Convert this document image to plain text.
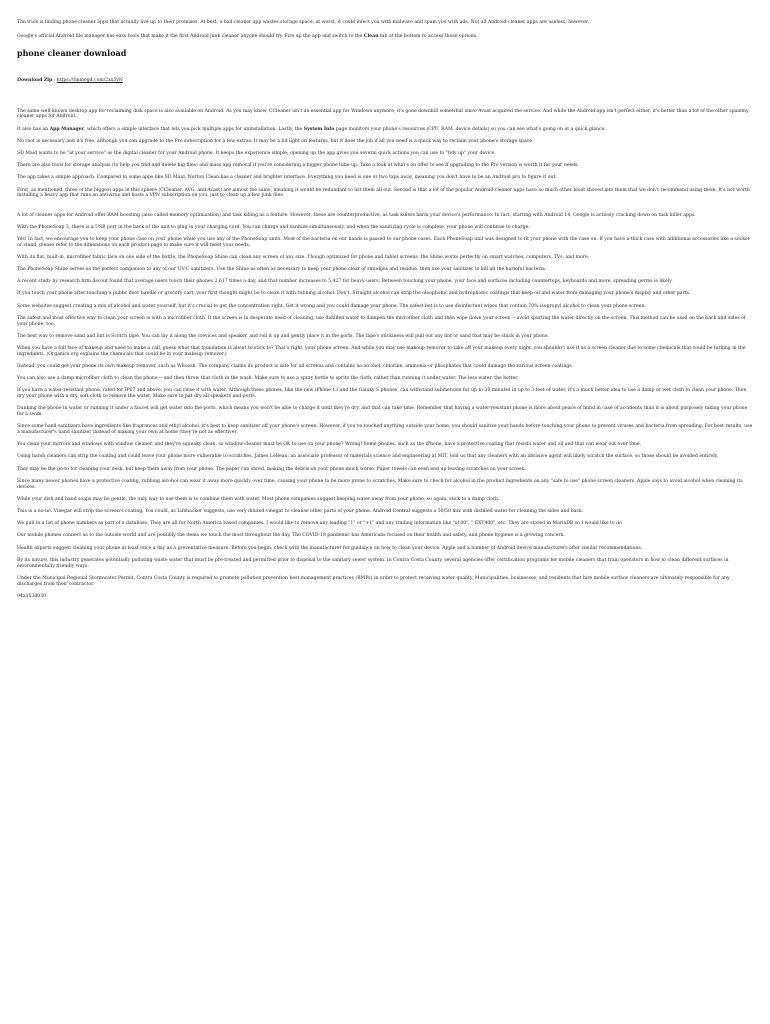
The trick is finding phone cleaner apps that actually live up to their promises. At best, a bad cleaner app wastes storage space; at worst, it could infect you with malware and spam you with ads. Not all Android cleaner apps are useless, however.

Google's official Android file manager has easy tools that make it the first Android junk cleaner anyone should try. Fire up the app and switch to the Clean tab at the bottom to access those options.

phone cleaner download
Download Zip : https://tinmegd.com/2xx5vN

The same well-known desktop app for reclaiming disk space is also available on Android. As you may know, CCleaner isn't an essential app for Windows anymore; it's gone downhill somewhat since Avast acquired the service. And while the Android app isn't perfect either, it's better than a lot of the other spammy cleaner apps for Android.

It also has an App Manager, which offers a simple interface that lets you pick multiple apps for uninstallation. Lastly, the System Info page monitors your phone's resources (CPU, RAM, device details) so you can see what's going on at a quick glance.

No root is necessary and it's free, although you can upgrade to the Pro subscription for a few extras. It may be a bit light on features, but it does the job if all you need is a quick way to reclaim your phone's storage space.

SD Maid wants to be "at your service" as the digital cleaner for your Android phone. It keeps the experience simple; opening up the app gives you several quick actions you can use to "tidy up" your device.

There are also tools for storage analysis (to help you find and delete big files) and mass app removal if you're considering a bigger phone tune-up. Take a look at what's on offer to see if upgrading to the Pro version is worth it for your needs.

The app takes a simple approach. Compared to some apps like SD Maid, Norton Clean has a cleaner and brighter interface. Everything you need is one or two taps away, meaning you don't have to be an Android pro to figure it out.

First, as mentioned, three of the biggest apps in this sphere (CCleaner, AVG, and Avast) are almost the same, meaning it would be redundant to list them all out. Second is that a lot of the popular Android cleaner apps have so much other bloat shoved into them that we don't recommend using them. It's not worth installing a heavy app that runs an antivirus and hosts a VPN subscription on you, just to clean up a few junk files.

A lot of cleaner apps for Android offer RAM boosting (also called memory optimization) and task killing as a feature. However, these are counterproductive, as task killers harm your device's performance. In fact, starting with Android 14, Google is actively cracking down on task killer apps.

With the PhoneSoap 3, there is a USB port in the back of the unit to plug in your charging cord. You can charge and sanitize simultaneously, and when the sanitizing cycle is complete, your phone will continue to charge.

Yes! In fact, we encourage you to keep your phone case on your phone while you use any of the PhoneSoap units. Most of the bacteria on our hands is passed to our phone cases. Each PhoneSoap unit was designed to fit your phone with the case on. If you have a thick case with additional accessories like a socket or stand, please refer to the dimensions on each product page to make sure it will meet your needs.

With its flat, built-in, microfiber fabric face on one side of the bottle, the PhoneSoap Shine can clean any screen of any size. Though optimized for phone and tablet screens, the Shine works perfectly on smart watches, computers, TVs, and more.

The PhoneSoap Shine serves as the perfect companion to any of our UV-C sanitizers. Use the Shine as often as necessary to keep your phone clear of smudges and residue, then use your sanitizer to kill all the harmful bacteria.

A recent study by research firm dscout found that average users touch their phones 2,617 times a day, and that number increases to 5,427 for heavy users. Between touching your phone, your face and surfaces including countertops, keyboards and more, spreading germs is likely.

If you touch your phone after touching a public door handle or grocery cart, your first thought might be to clean it with rubbing alcohol. Don't. Straight alcohol can strip the oleophobic and hydrophobic coatings that keep oil and water from damaging your phone's display and other parts.

Some websites suggest creating a mix of alcohol and water yourself, but it's crucial to get the concentration right. Get it wrong and you could damage your phone. The safest bet is to use disinfectant wipes that contain 70% isopropyl alcohol to clean your phone screen.

The safest and most effective way to clean your screen is with a microfiber cloth. If the screen is in desperate need of cleaning, use distilled water to dampen the microfiber cloth and then wipe down your screen -- avoid spurting the water directly on the screen. This method can be used on the back and sides of your phone, too.

The best way to remove sand and lint is Scotch tape. You can lay it along the crevices and speaker, and roll it up and gently place it in the ports. The tape's stickiness will pull out any lint or sand that may be stuck in your phone.

When you have a full face of makeup and need to make a call, guess what that foundation is about to stick to? That's right, your phone screen. And while you may use makeup remover to take off your makeup every night, you shouldn't use it as a screen cleaner due to some chemicals that could be lurking in the ingredients. (Organics.org explains the chemicals that could be in your makeup remover.)

Instead, you could get your phone its own makeup remover, such as Whoosh. The company claims its product is safe for all screens and contains no alcohol, chlorine, ammonia or phosphates that could damage the various screen coatings.

You can also use a damp microfiber cloth to clean the phone -- and then throw that cloth in the wash. Make sure to use a spray bottle to spritz the cloth, rather than running it under water. The less water, the better.

If you have a water-resistant phone, rated for IP67 and above, you can rinse it with water. Although these phones, like the new iPhone 13 and the Galaxy S phones, can withstand submersion for up to 30 minutes in up to 3 feet of water, it's a much better idea to use a damp or wet cloth to clean your phone. Then dry your phone with a dry, soft cloth to remove the water. Make sure to pat dry all speakers and ports.

Dunking the phone in water or running it under a faucet will get water into the ports, which means you won't be able to charge it until they're dry, and that can take time. Remember that having a water-resistant phone is more about peace of mind in case of accidents than it is about purposely taking your phone for a swim.

Since some hand sanitizers have ingredients like fragrances and ethyl alcohol, it's best to keep sanitizer off your phone's screen. However, if you've touched anything outside your home, you should sanitize your hands before touching your phone to prevent viruses and bacteria from spreading. For best results, use a manufacturer's hand sanitizer instead of making your own at home (they're not as effective).

You clean your mirrors and windows with window cleaner, and they're squeaky clean, so window cleaner must be OK to use on your phone? Wrong! Some phones, such as the iPhone, have a protective coating that resists water and oil and that can wear out over time.

Using harsh cleaners can strip the coating and could leave your phone more vulnerable to scratches. James LeBeau, an associate professor of materials science and engineering at MIT, told us that any cleaners with an abrasive agent will likely scratch the surface, so those should be avoided entirely.

They may be the go-to for cleaning your desk, but keep them away from your phone. The paper can shred, making the debris on your phone much worse. Paper towels can even end up leaving scratches on your screen.

Since many newer phones have a protective coating, rubbing alcohol can wear it away more quickly over time, causing your phone to be more prone to scratches. Make sure to check for alcohol in the product ingredients on any "safe to use" phone screen cleaners. Apple says to avoid alcohol when cleaning its devices.

While your dish and hand soaps may be gentle, the only way to use them is to combine them with water. Most phone companies suggest keeping water away from your phone, so again, stick to a damp cloth.

This is a no-no. Vinegar will strip the screen's coating. You could, as Lifehacker suggests, use very diluted vinegar to cleanse other parts of your phone. Android Central suggests a 50/50 mix with distilled water for cleaning the sides and back.

We pull in a list of phone numbers as part of a database. They are all for North America based companies. I would like to remove any leading "1" or "+1" and any trailing information like "x100", " EXT400", etc. They are stored in MariaDB so I would like to do

Our mobile phones connect us to the outside world and are possibly the items we touch the most throughout the day. The COVID-19 pandemic has Americans focused on their health and safety, and phone hygiene is a growing concern.

Health experts suggest cleaning your phone at least once a day as a preventative measure. Before you begin, check with the manufacturer for guidance on how to clean your device. Apple and a number of Android device manufacturers offer similar recommendations.

By its nature, this industry generates potentially polluting waste water that must be pre-treated and permitted prior to disposal to the sanitary sewer system. In Contra Costa County, several agencies offer certification programs for mobile cleaners that train operators in how to clean different surfaces in environmentally friendly ways.

Under the Municipal Regional Stormwater Permit, Contra Costa County is required to promote pollution prevention best management practices (BMPs) in order to protect receiving water quality. Municipalities, businesses, and residents that hire mobile surface cleaners are ultimately responsible for any discharges from their contractor.

94a153d030
